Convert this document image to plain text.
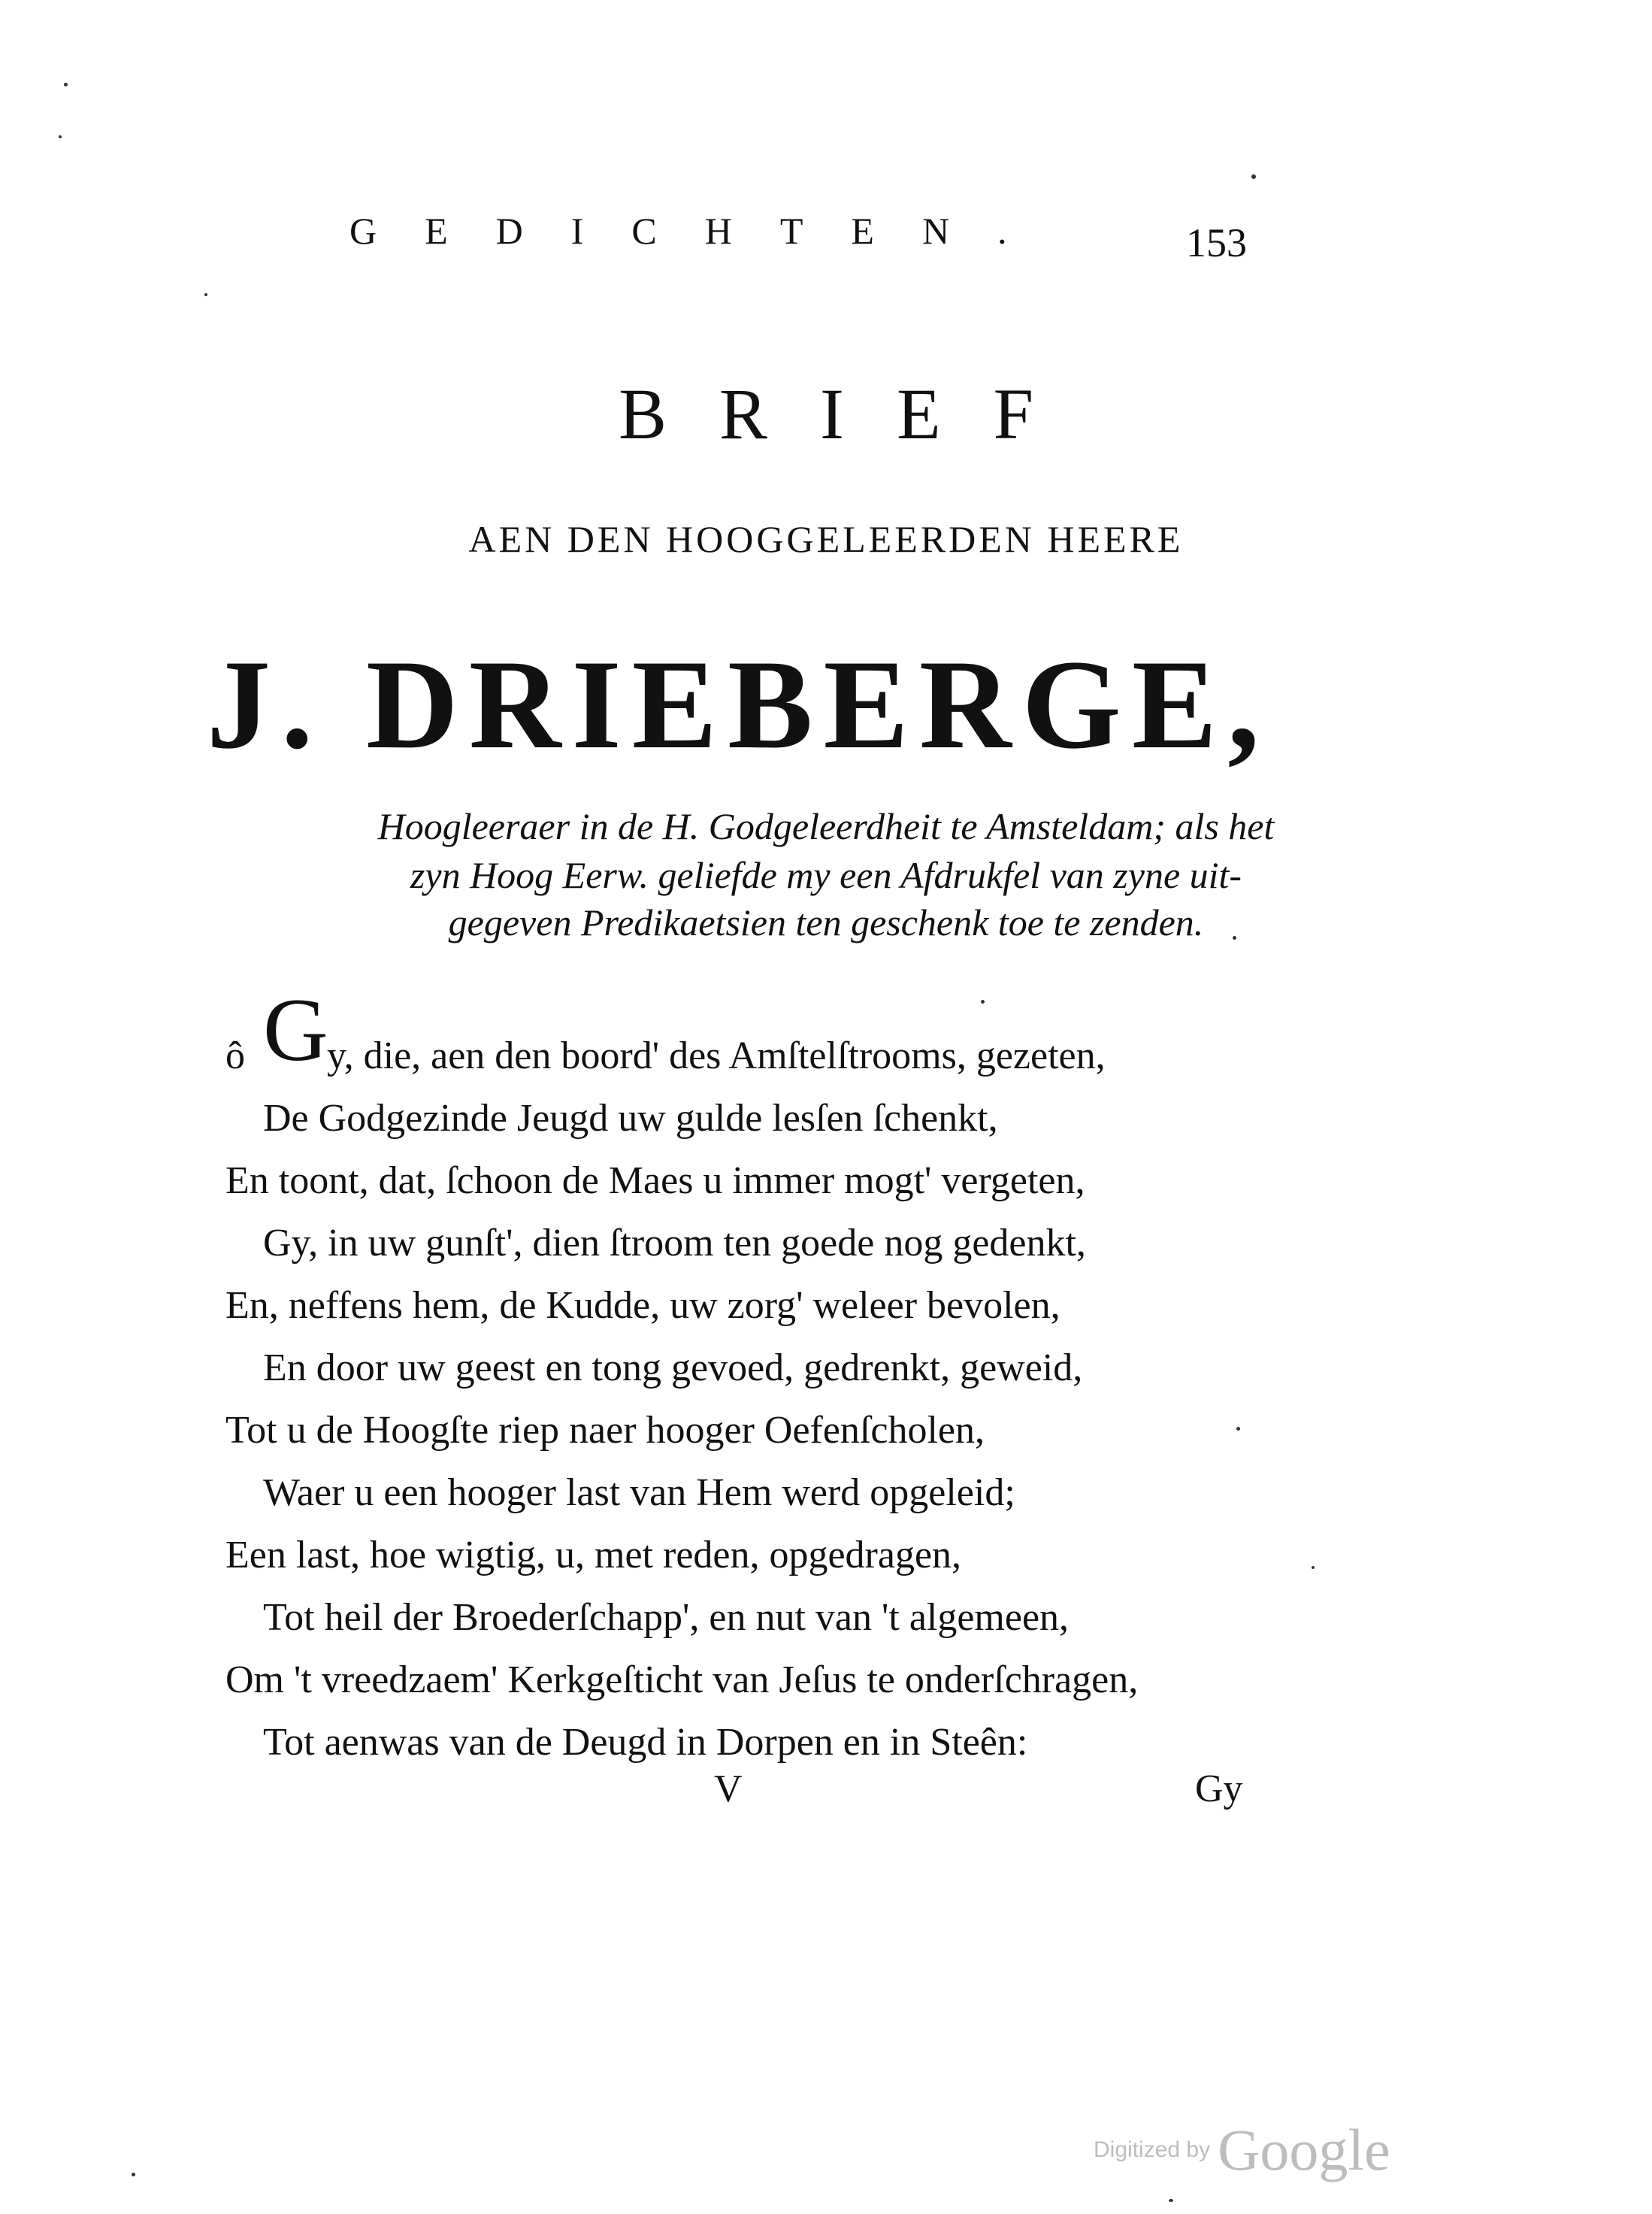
GEDICHTEN.	153
BRIEF
AEN DEN HOOGGELEERDEN HEERE
J. DRIEBERGE,
Hoogleeraer in de H. Godgeleerdheit te Amsteldam; als het
zyn Hoog Eerw. geliefde my een Afdrukfel van zyne uit-
gegeven Predikaetsien ten geschenk toe te zenden.
ô G
y, die, aen den boord' des Amſtelſtrooms, gezeten,
De Godgezinde Jeugd uw gulde lesſen ſchenkt,
En toont, dat, ſchoon de Maes u immer mogt' vergeten,
Gy, in uw gunſt', dien ſtroom ten goede nog gedenkt,
En, neffens hem, de Kudde, uw zorg' weleer bevolen,
En door uw geest en tong gevoed, gedrenkt, geweid,
Tot u de Hoogſte riep naer hooger Oefenſcholen,
Waer u een hooger last van Hem werd opgeleid;
Een last, hoe wigtig, u, met reden, opgedragen,
Tot heil der Broederſchapp', en nut van 't algemeen,
Om 't vreedzaem' Kerkgeſticht van Jeſus te onderſchragen,
Tot aenwas van de Deugd in Dorpen en in Steên:
V	Gy
Digitized by Google
